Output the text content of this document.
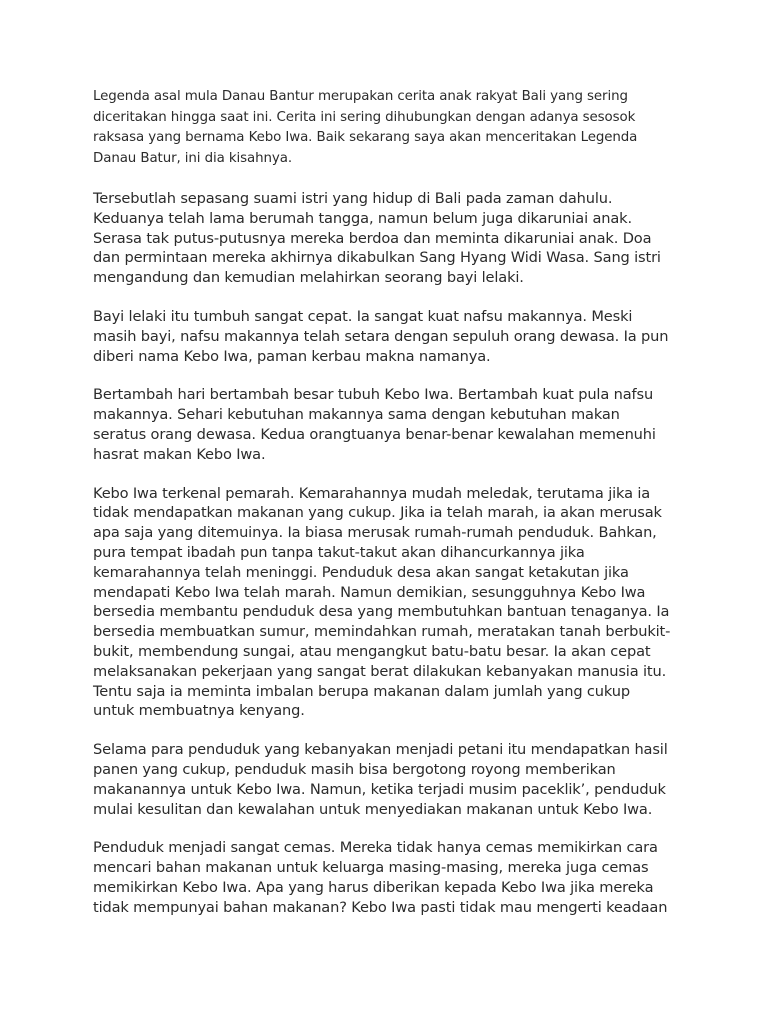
Legenda asal mula Danau Bantur merupakan cerita anak rakyat Bali yang sering
diceritakan hingga saat ini. Cerita ini sering dihubungkan dengan adanya sesosok
raksasa yang bernama Kebo Iwa. Baik sekarang saya akan menceritakan Legenda
Danau Batur, ini dia kisahnya.

Tersebutlah sepasang suami istri yang hidup di Bali pada zaman dahulu.
Keduanya telah lama berumah tangga, namun belum juga dikaruniai anak.
Serasa tak putus-putusnya mereka berdoa dan meminta dikaruniai anak. Doa
dan permintaan mereka akhirnya dikabulkan Sang Hyang Widi Wasa. Sang istri
mengandung dan kemudian melahirkan seorang bayi lelaki.

Bayi lelaki itu tumbuh sangat cepat. Ia sangat kuat nafsu makannya. Meski
masih bayi, nafsu makannya telah setara dengan sepuluh orang dewasa. Ia pun
diberi nama Kebo Iwa, paman kerbau makna namanya.

Bertambah hari bertambah besar tubuh Kebo Iwa. Bertambah kuat pula nafsu
makannya. Sehari kebutuhan makannya sama dengan kebutuhan makan
seratus orang dewasa. Kedua orangtuanya benar-benar kewalahan memenuhi
hasrat makan Kebo Iwa.

Kebo Iwa terkenal pemarah. Kemarahannya mudah meledak, terutama jika ia
tidak mendapatkan makanan yang cukup. Jika ia telah marah, ia akan merusak
apa saja yang ditemuinya. Ia biasa merusak rumah-rumah penduduk. Bahkan,
pura tempat ibadah pun tanpa takut-takut akan dihancurkannya jika
kemarahannya telah meninggi. Penduduk desa akan sangat ketakutan jika
mendapati Kebo Iwa telah marah. Namun demikian, sesungguhnya Kebo Iwa
bersedia membantu penduduk desa yang membutuhkan bantuan tenaganya. Ia
bersedia membuatkan sumur, memindahkan rumah, meratakan tanah berbukit-
bukit, membendung sungai, atau mengangkut batu-batu besar. Ia akan cepat
melaksanakan pekerjaan yang sangat berat dilakukan kebanyakan manusia itu.
Tentu saja ia meminta imbalan berupa makanan dalam jumlah yang cukup
untuk membuatnya kenyang.

Selama para penduduk yang kebanyakan menjadi petani itu mendapatkan hasil
panen yang cukup, penduduk masih bisa bergotong royong memberikan
makanannya untuk Kebo Iwa. Namun, ketika terjadi musim paceklik’, penduduk
mulai kesulitan dan kewalahan untuk menyediakan makanan untuk Kebo Iwa.

Penduduk menjadi sangat cemas. Mereka tidak hanya cemas memikirkan cara
mencari bahan makanan untuk keluarga masing-masing, mereka juga cemas
memikirkan Kebo Iwa. Apa yang harus diberikan kepada Kebo Iwa jika mereka
tidak mempunyai bahan makanan? Kebo Iwa pasti tidak mau mengerti keadaan
